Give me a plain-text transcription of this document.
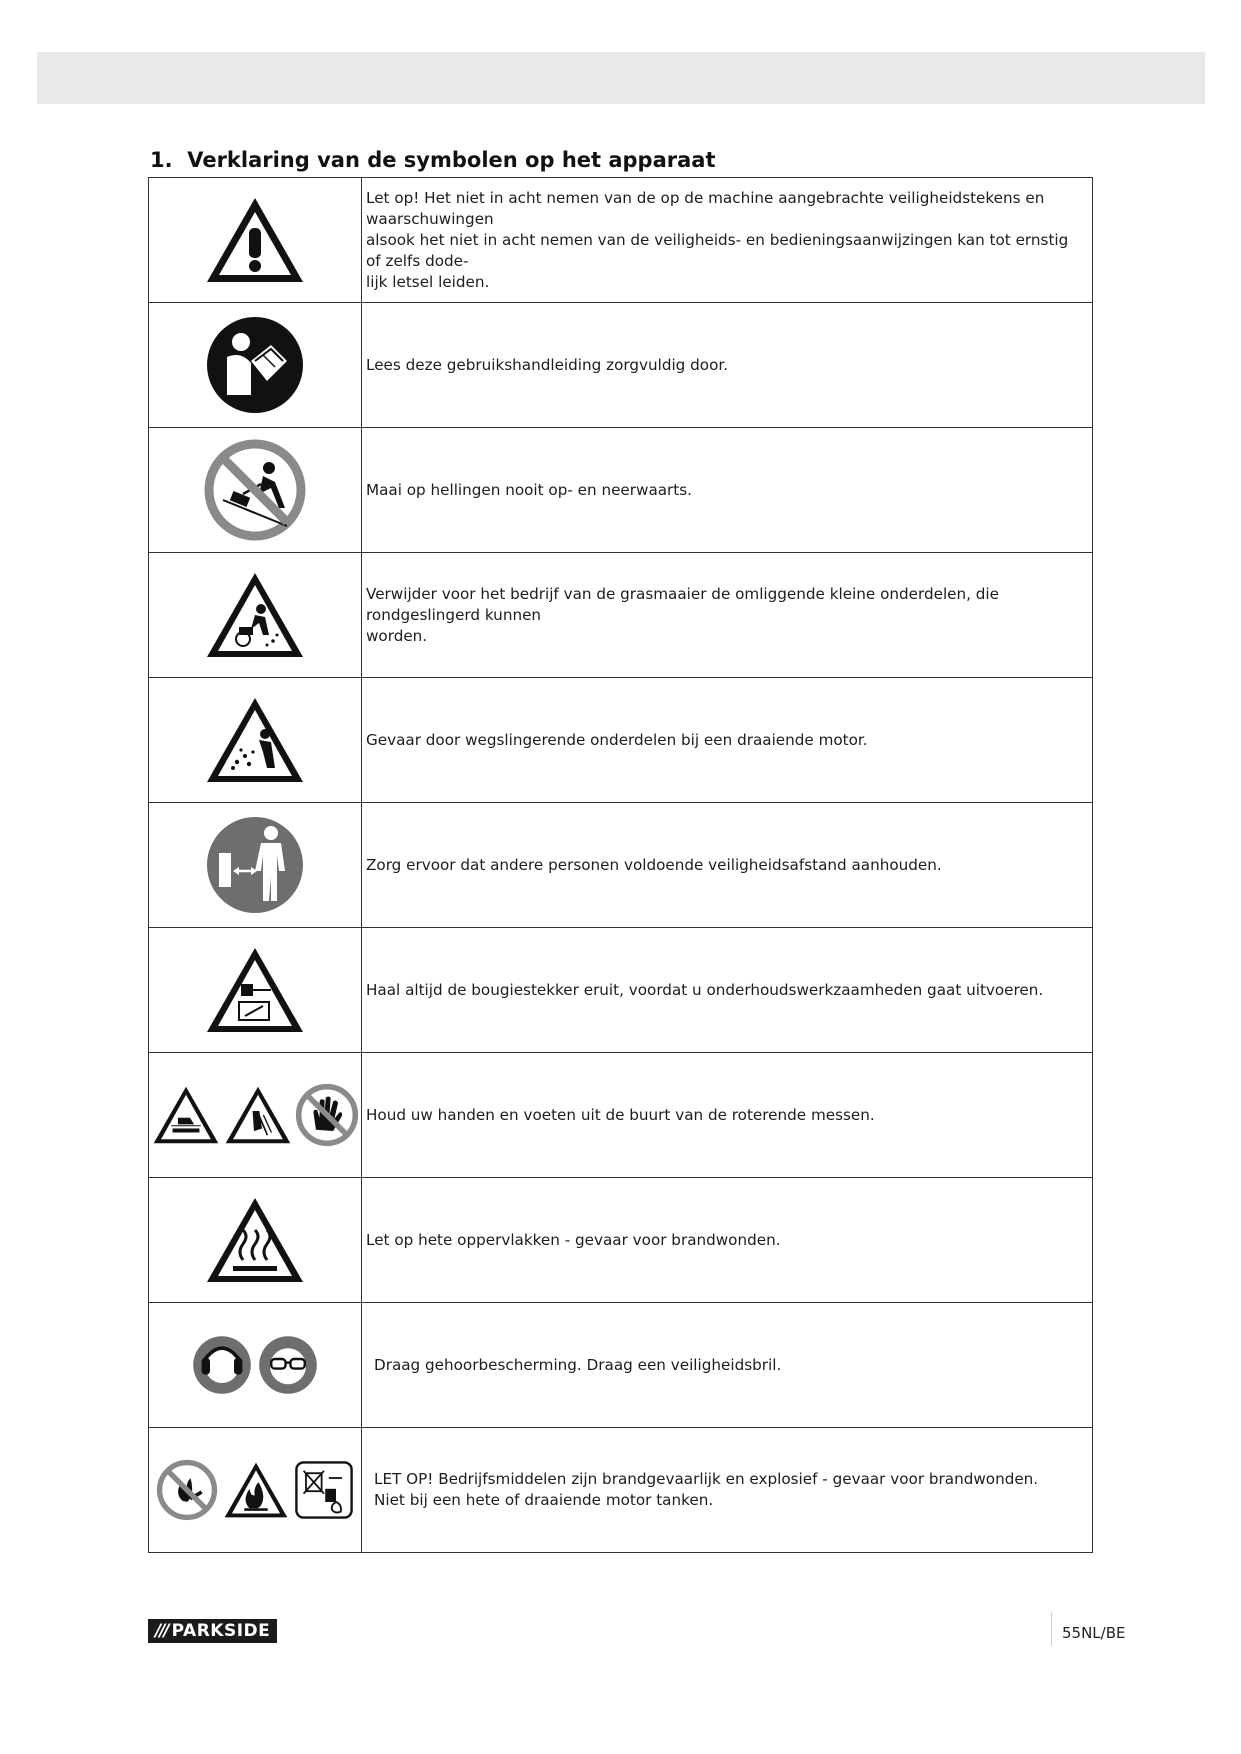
1. Verklaring van de symbolen op het apparaat

Let op! Het niet in acht nemen van de op de machine aangebrachte veiligheidstekens en waarschuwingen
alsook het niet in acht nemen van de veiligheids- en bedieningsaanwijzingen kan tot ernstig of zelfs dode-
lijk letsel leiden.

Lees deze gebruikshandleiding zorgvuldig door.

Maai op hellingen nooit op- en neerwaarts.

Verwijder voor het bedrijf van de grasmaaier de omliggende kleine onderdelen, die rondgeslingerd kunnen
worden.

Gevaar door wegslingerende onderdelen bij een draaiende motor.

Zorg ervoor dat andere personen voldoende veiligheidsafstand aanhouden.

Haal altijd de bougiestekker eruit, voordat u onderhoudswerkzaamheden gaat uitvoeren.

Houd uw handen en voeten uit de buurt van de roterende messen.

Let op hete oppervlakken - gevaar voor brandwonden.

Draag gehoorbescherming. Draag een veiligheidsbril.

LET OP! Bedrijfsmiddelen zijn brandgevaarlijk en explosief - gevaar voor brandwonden.
Niet bij een hete of draaiende motor tanken.

/// PARKSIDE	55NL/BE
